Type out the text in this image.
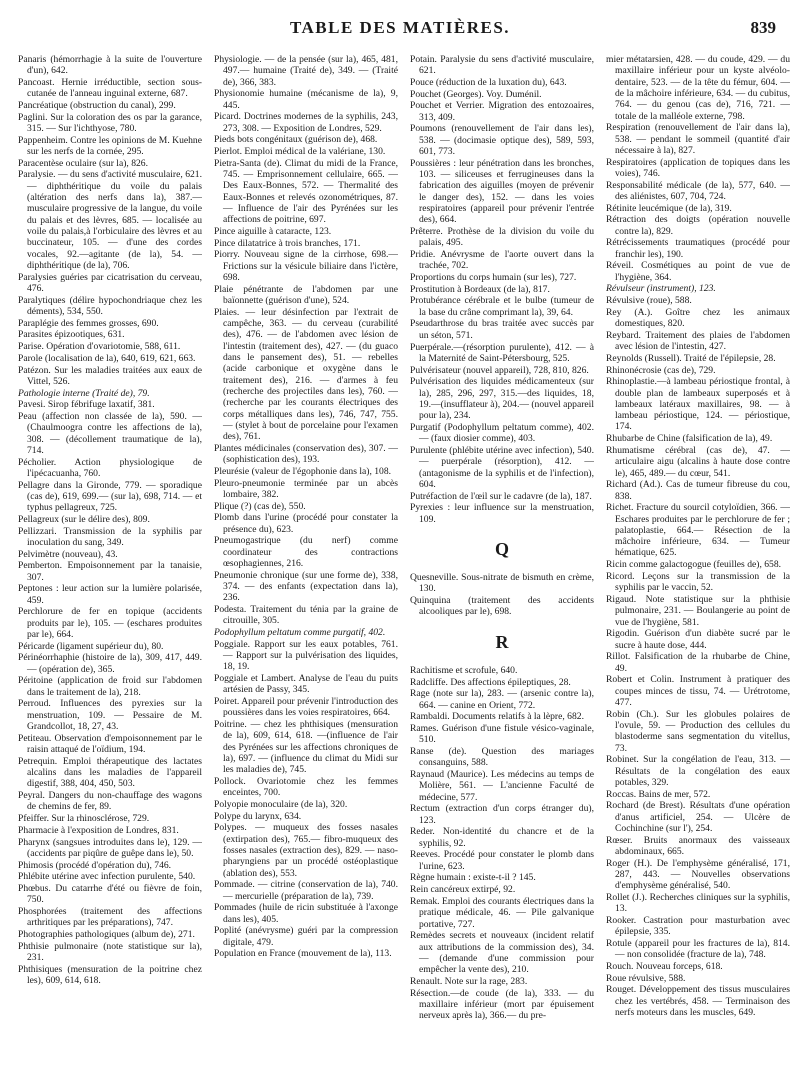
TABLE DES MATIÈRES.	839
Panaris (hémorrhagie à la suite de l'ouverture d'un), 642.
Pancoast. Hernie irréductible, section sous-cutanée de l'anneau inguinal externe, 687.
Pancréatique (obstruction du canal), 299.
Paglini. Sur la coloration des os par la garance, 315. — Sur l'ichthyose, 780.
Pappenheim. Contre les opinions de M. Kuehne sur les nerfs de la cornée, 295.
Paracentèse oculaire (sur la), 826.
Paralysie. — du sens d'activité musculaire, 621. — diphthéritique du voile du palais (altération des nerfs dans la), 387.— musculaire progressive de la langue, du voile du palais et des lèvres, 685. — localisée au voile du palais,à l'orbiculaire des lèvres et au buccinateur, 105. — d'une des cordes vocales, 92.—agitante (de la), 54. — diphthéritique (de la), 706.
Paralysies guéries par cicatrisation du cerveau, 476.
Paralytiques (délire hypochondriaque chez les déments), 534, 550.
Paraplégie des femmes grosses, 690.
Parasites épizootiques, 631.
Parise. Opération d'ovariotomie, 588, 611.
Parole (localisation de la), 640, 619, 621, 663.
Patézon. Sur les maladies traitées aux eaux de Vittel, 526.
Pathologie interne (Traité de), 79.
Pavesi. Sirop fébrifuge laxatif, 381.
Peau (affection non classée de la), 590. — (Chaulmoogra contre les affections de la), 308. — (décollement traumatique de la), 714.
Pécholier. Action physiologique de l'ipécacuanha, 760.
Pellagre dans la Gironde, 779. — sporadique (cas de), 619, 699.— (sur la), 698, 714. — et typhus pellagreux, 725.
Pellagreux (sur le délire des), 809.
Pellizzari. Transmission de la syphilis par inoculation du sang, 349.
Pelvimètre (nouveau), 43.
Pemberton. Empoisonnement par la tanaisie, 307.
Peptones : leur action sur la lumière polarisée, 459.
Perchlorure de fer en topique (accidents produits par le), 105. — (eschares produites par le), 664.
Péricarde (ligament supérieur du), 80.
Périnéorrhaphie (histoire de la), 309, 417, 449. — (opération de), 365.
Péritoine (application de froid sur l'abdomen dans le traitement de la), 218.
Perroud. Influences des pyrexies sur la menstruation, 109. — Pessaire de M. Grandcollot, 18, 27, 43.
Petiteau. Observation d'empoisonnement par le raisin attaqué de l'oïdium, 194.
Petrequin. Emploi thérapeutique des lactates alcalins dans les maladies de l'appareil digestif, 388, 404, 450, 503.
Peyral. Dangers du non-chauffage des wagons de chemins de fer, 89.
Pfeiffer. Sur la rhinosclérose, 729.
Pharmacie à l'exposition de Londres, 831.
Pharynx (sangsues introduites dans le), 129. — (accidents par piqûre de guêpe dans le), 50.
Phimosis (procédé d'opération du), 746.
Phlébite utérine avec infection purulente, 540.
Phœbus. Du catarrhe d'été ou fièvre de foin, 750.
Phosphorées (traitement des affections arthritiques par les préparations), 747.
Photographies pathologiques (album de), 271.
Phthisie pulmonaire (note statistique sur la), 231.
Phthisiques (mensuration de la poitrine chez les), 609, 614, 618.
Physiologie. — de la pensée (sur la), 465, 481, 497.— humaine (Traité de), 349. — (Traité de), 366, 383.
Physionomie humaine (mécanisme de la), 9, 445.
Picard. Doctrines modernes de la syphilis, 243, 273, 308. — Exposition de Londres, 529.
Pieds bots congénitaux (guérison de), 468.
Pierlot. Emploi médical de la valériane, 130.
Pietra-Santa (de). Climat du midi de la France, 745. — Emprisonnement cellulaire, 665. — Des Eaux-Bonnes, 572. — Thermalité des Eaux-Bonnes et relevés ozonométriques, 87. — Influence de l'air des Pyrénées sur les affections de poitrine, 697.
Pince aiguille à cataracte, 123.
Pince dilatatrice à trois branches, 171.
Piorry. Nouveau signe de la cirrhose, 698.— Frictions sur la vésicule biliaire dans l'ictère, 698.
Plaie pénétrante de l'abdomen par une baïonnette (guérison d'une), 524.
Plaies. — leur désinfection par l'extrait de campêche, 363. — du cerveau (curabilité des), 476. — de l'abdomen avec lésion de l'intestin (traitement des), 427. — (du guaco dans le pansement des), 51. — rebelles (acide carbonique et oxygène dans le traitement des), 216. — d'armes à feu (recherche des projectiles dans les), 760. — (recherche par les courants électriques des corps métalliques dans les), 746, 747, 755. — (stylet à bout de porcelaine pour l'examen des), 761.
Plantes médicinales (conservation des), 307. — (sophistication des), 193.
Pleurésie (valeur de l'égophonie dans la), 108.
Pleuro-pneumonie terminée par un abcès lombaire, 382.
Plique (?) (cas de), 550.
Plomb dans l'urine (procédé pour constater la présence du), 623.
Pneumogastrique (du nerf) comme coordinateur des contractions œsophagiennes, 216.
Pneumonie chronique (sur une forme de), 338, 374. — des enfants (expectation dans la), 236.
Podesta. Traitement du ténia par la graine de citrouille, 305.
Podophyllum peltatum comme purgatif, 402.
Poggiale. Rapport sur les eaux potables, 761. — Rapport sur la pulvérisation des liquides, 18, 19.
Poggiale et Lambert. Analyse de l'eau du puits artésien de Passy, 345.
Poiret. Appareil pour prévenir l'introduction des poussières dans les voies respiratoires, 664.
Poitrine. — chez les phthisiques (mensuration de la), 609, 614, 618. —(influence de l'air des Pyrénées sur les affections chroniques de la), 697. — (influence du climat du Midi sur les maladies de), 745.
Pollock. Ovariotomie chez les femmes enceintes, 700.
Polyopie monoculaire (de la), 320.
Polype du larynx, 634.
Polypes. — muqueux des fosses nasales (extirpation des), 765.— fibro-muqueux des fosses nasales (extraction des), 829. — naso-pharyngiens par un procédé ostéoplastique (ablation des), 553.
Pommade. — citrine (conservation de la), 740. — mercurielle (préparation de la), 739.
Pommades (huile de ricin substituée à l'axonge dans les), 405.
Poplité (anévrysme) guéri par la compression digitale, 479.
Population en France (mouvement de la), 113.
Potain. Paralysie du sens d'activité musculaire, 621.
Pouce (réduction de la luxation du), 643.
Pouchet (Georges). Voy. Duménil.
Pouchet et Verrier. Migration des entozoaires, 313, 409.
Poumons (renouvellement de l'air dans les), 538. — (docimasie optique des), 589, 593, 601, 773.
Poussières : leur pénétration dans les bronches, 103. — siliceuses et ferrugineuses dans la fabrication des aiguilles (moyen de prévenir le danger des), 152. — dans les voies respiratoires (appareil pour prévenir l'entrée des), 664.
Prêterre. Prothèse de la division du voile du palais, 495.
Pridie. Anévrysme de l'aorte ouvert dans la trachée, 702.
Proportions du corps humain (sur les), 727.
Prostitution à Bordeaux (de la), 817.
Protubérance cérébrale et le bulbe (tumeur de la base du crâne comprimant la), 39, 64.
Pseudarthrose du bras traitée avec succès par un séton, 571.
Puerpérale.—(résorption purulente), 412. — à la Maternité de Saint-Pétersbourg, 525.
Pulvérisateur (nouvel appareil), 728, 810, 826.
Pulvérisation des liquides médicamenteux (sur la), 285, 296, 297, 315.—des liquides, 18, 19.—(insufflateur à), 204.— (nouvel appareil pour la), 234.
Purgatif (Podophyllum peltatum comme), 402. — (faux diosier comme), 403.
Purulente (phlébite utérine avec infection), 540.— puerpérale (résorption), 412. — (antagonisme de la syphilis et de l'infection), 604.
Putréfaction de l'œil sur le cadavre (de la), 187.
Pyrexies : leur influence sur la menstruation, 109.
Q
Quesneville. Sous-nitrate de bismuth en crème, 130.
Quinquina (traitement des accidents alcooliques par le), 698.
R
Rachitisme et scrofule, 640.
Radcliffe. Des affections épileptiques, 28.
Rage (note sur la), 283. — (arsenic contre la), 664. — canine en Orient, 772.
Rambaldi. Documents relatifs à la lèpre, 682.
Rames. Guérison d'une fistule vésico-vaginale, 510.
Ranse (de). Question des mariages consanguins, 588.
Raynaud (Maurice). Les médecins au temps de Molière, 561. — L'ancienne Faculté de médecine, 577.
Rectum (extraction d'un corps étranger du), 123.
Reder. Non-identité du chancre et de la syphilis, 92.
Reeves. Procédé pour constater le plomb dans l'urine, 623.
Règne humain : existe-t-il ? 145.
Rein cancéreux extirpé, 92.
Remak. Emploi des courants électriques dans la pratique médicale, 46. — Pile galvanique portative, 727.
Remèdes secrets et nouveaux (incident relatif aux attributions de la commission des), 34. — (demande d'une commission pour empêcher la vente des), 210.
Renault. Note sur la rage, 283.
Résection.—de coude (de la), 333. — du maxillaire inférieur (mort par épuisement nerveux après la), 366.— du pre-
mier métatarsien, 428. — du coude, 429. — du maxillaire inférieur pour un kyste alvéolo-dentaire, 523. — de la tête du fémur, 604. — de la mâchoire inférieure, 634. — du cubitus, 764. — du genou (cas de), 716, 721. — totale de la malléole externe, 798.
Respiration (renouvellement de l'air dans la), 538. — pendant le sommeil (quantité d'air nécessaire à la), 827.
Respiratoires (application de topiques dans les voies), 746.
Responsabilité médicale (de la), 577, 640. — des aliénistes, 607, 704, 724.
Rétinite leucémique (de la), 319.
Rétraction des doigts (opération nouvelle contre la), 829.
Rétrécissements traumatiques (procédé pour franchir les), 190.
Réveil. Cosmétiques au point de vue de l'hygiène, 364.
Révulseur (instrument), 123.
Révulsive (roue), 588.
Rey (A.). Goître chez les animaux domestiques, 820.
Reybard. Traitement des plaies de l'abdomen avec lésion de l'intestin, 427.
Reynolds (Russell). Traité de l'épilepsie, 28.
Rhinonécrosie (cas de), 729.
Rhinoplastie.—à lambeau périostique frontal, à double plan de lambeaux superposés et à lambeaux latéraux maxillaires, 98. — à lambeau périostique, 124. — périostique, 174.
Rhubarbe de Chine (falsification de la), 49.
Rhumatisme cérébral (cas de), 47. — articulaire aigu (alcalins à haute dose contre le), 465, 489.— du cœur, 541.
Richard (Ad.). Cas de tumeur fibreuse du cou, 838.
Richet. Fracture du sourcil cotyloïdien, 366. — Eschares produites par le perchlorure de fer ; palatoplastie, 664.— Résection de la mâchoire inférieure, 634. — Tumeur hématique, 625.
Ricin comme galactogogue (feuilles de), 658.
Ricord. Leçons sur la transmission de la syphilis par le vaccin, 52.
Rigaud. Note statistique sur la phthisie pulmonaire, 231. — Boulangerie au point de vue de l'hygiène, 581.
Rigodin. Guérison d'un diabète sucré par le sucre à haute dose, 444.
Rillot. Falsification de la rhubarbe de Chine, 49.
Robert et Colin. Instrument à pratiquer des coupes minces de tissu, 74. — Urétrotome, 477.
Robin (Ch.). Sur les globules polaires de l'ovule, 59. — Production des cellules du blastoderme sans segmentation du vitellus, 73.
Robinet. Sur la congélation de l'eau, 313. — Résultats de la congélation des eaux potables, 329.
Roccas. Bains de mer, 572.
Rochard (de Brest). Résultats d'une opération d'anus artificiel, 254. — Ulcère de Cochinchine (sur l'), 254.
Rœser. Bruits anormaux des vaisseaux abdominaux, 665.
Roger (H.). De l'emphysème généralisé, 171, 287, 443. — Nouvelles observations d'emphysème généralisé, 540.
Rollet (J.). Recherches cliniques sur la syphilis, 13.
Rooker. Castration pour masturbation avec épilepsie, 335.
Rotule (appareil pour les fractures de la), 814. — non consolidée (fracture de la), 748.
Rouch. Nouveau forceps, 618.
Roue révulsive, 588.
Rouget. Développement des tissus musculaires chez les vertébrés, 458. — Terminaison des nerfs moteurs dans les muscles, 649.
